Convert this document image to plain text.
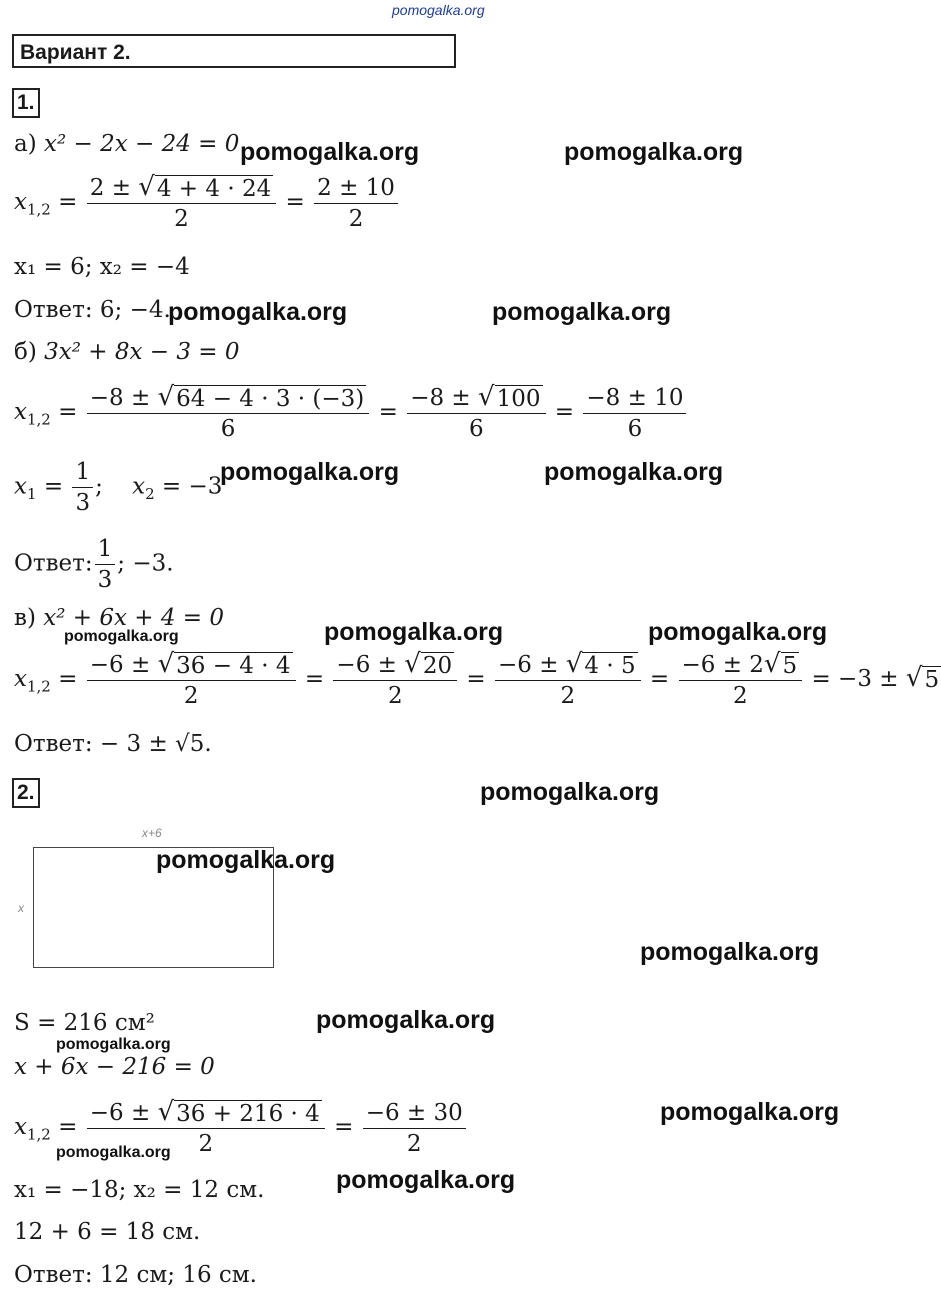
pomogalka.org
Вариант 2.
1.
а) x² − 2x − 24 = 0
$x_{1,2} = \frac{2 \pm √ 4 + 4 \cdot 24}{2} = \frac{2 \pm 10}{2}$
x₁ = 6; x₂ = −4
Ответ: 6; −4.
б) 3x² + 8x − 3 = 0
$x_{1,2} = \frac{-8 \pm √ 64 - 4 \cdot 3 \cdot (-3)}{6} = \frac{-8 \pm √ 100}{6} = \frac{-8 \pm 10}{6}$
$x_1 = \frac{1}{3}$ ;    $x_2 = -3$
Ответ: $\frac{1}{3}$ ; −3.
в) x² + 6x + 4 = 0
$x_{1,2} = \frac{-6 \pm √ 36 - 4 \cdot 4}{2} = \frac{-6 \pm √ 20}{2} = \frac{-6 \pm √ 4 \cdot 5}{2} = \frac{-6 \pm 2 √ 5}{2} = -3$ ± √ 5
Ответ: − 3 ± √5.
2.
x+6
x
S = 216 см²
x + 6x − 216 = 0
$x_{1,2} = \frac{-6 \pm √ 36 + 216 \cdot 4}{2} = \frac{-6 \pm 30}{2}$
x₁ = −18; x₂ = 12 см.
12 + 6 = 18 см.
Ответ: 12 см; 16 см.
pomogalka.org	pomogalka.org
pomogalka.org	pomogalka.org
pomogalka.org	pomogalka.org
pomogalka.org	pomogalka.org
pomogalka.org
pomogalka.org
pomogalka.org
pomogalka.org
pomogalka.org
pomogalka.org
pomogalka.org
pomogalka.org
pomogalka.org
